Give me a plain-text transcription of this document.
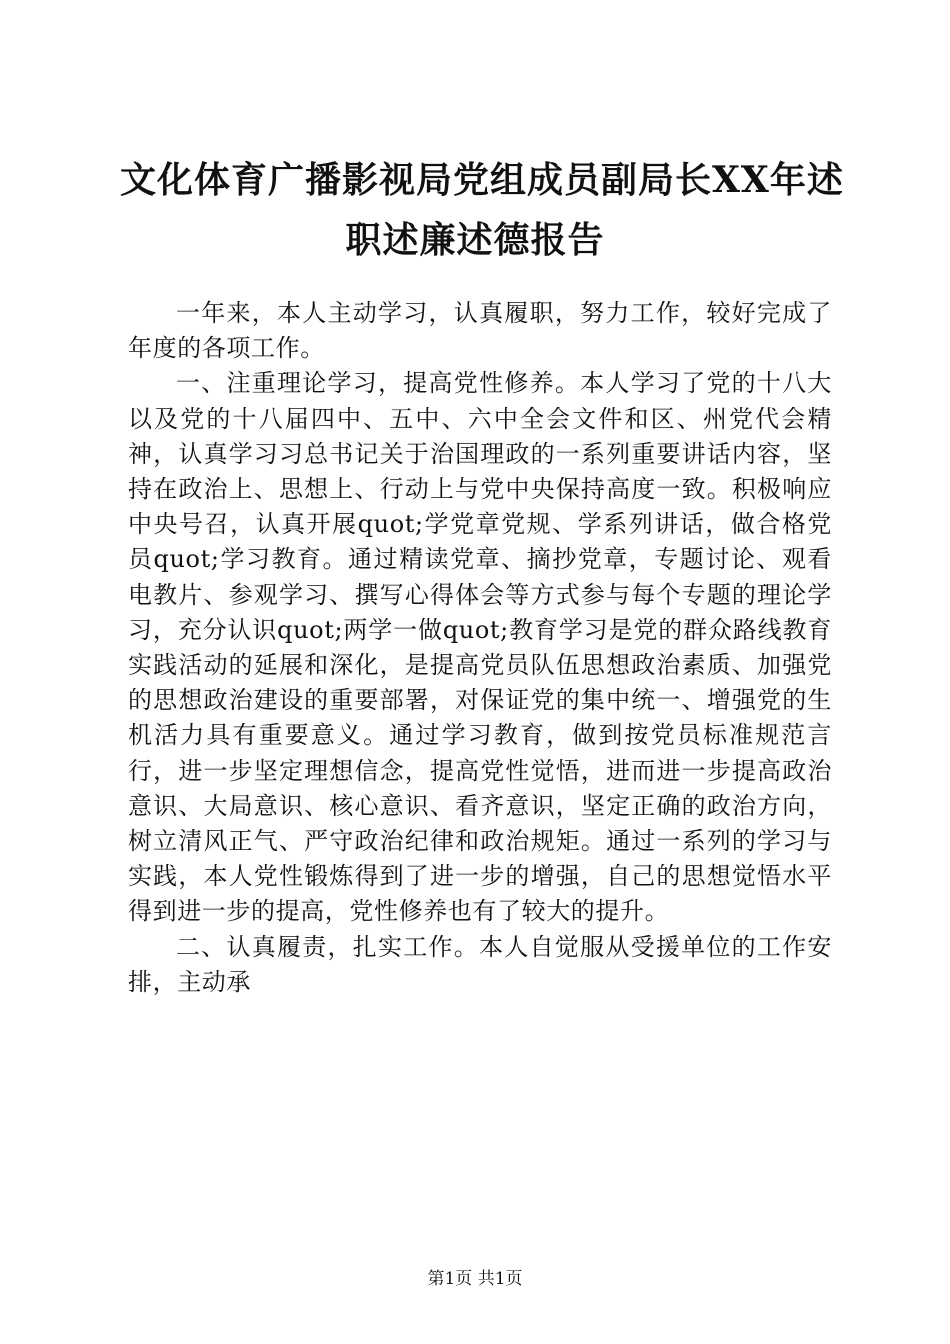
文化体育广播影视局党组成员副局长XX年述
职述廉述德报告

一年来，本人主动学习，认真履职，努力工作，较好完成了年度的各项工作。

一、注重理论学习，提高党性修养。本人学习了党的十八大以及党的十八届四中、五中、六中全会文件和区、州党代会精神，认真学习习总书记关于治国理政的一系列重要讲话内容，坚持在政治上、思想上、行动上与党中央保持高度一致。积极响应中央号召，认真开展quot;学党章党规、学系列讲话，做合格党员quot;学习教育。通过精读党章、摘抄党章，专题讨论、观看电教片、参观学习、撰写心得体会等方式参与每个专题的理论学习，充分认识quot;两学一做quot;教育学习是党的群众路线教育实践活动的延展和深化，是提高党员队伍思想政治素质、加强党的思想政治建设的重要部署，对保证党的集中统一、增强党的生机活力具有重要意义。通过学习教育，做到按党员标准规范言行，进一步坚定理想信念，提高党性觉悟，进而进一步提高政治意识、大局意识、核心意识、看齐意识，坚定正确的政治方向，树立清风正气、严守政治纪律和政治规矩。通过一系列的学习与实践，本人党性锻炼得到了进一步的增强，自己的思想觉悟水平得到进一步的提高，党性修养也有了较大的提升。

二、认真履责，扎实工作。本人自觉服从受援单位的工作安排，主动承

第1页 共1页
